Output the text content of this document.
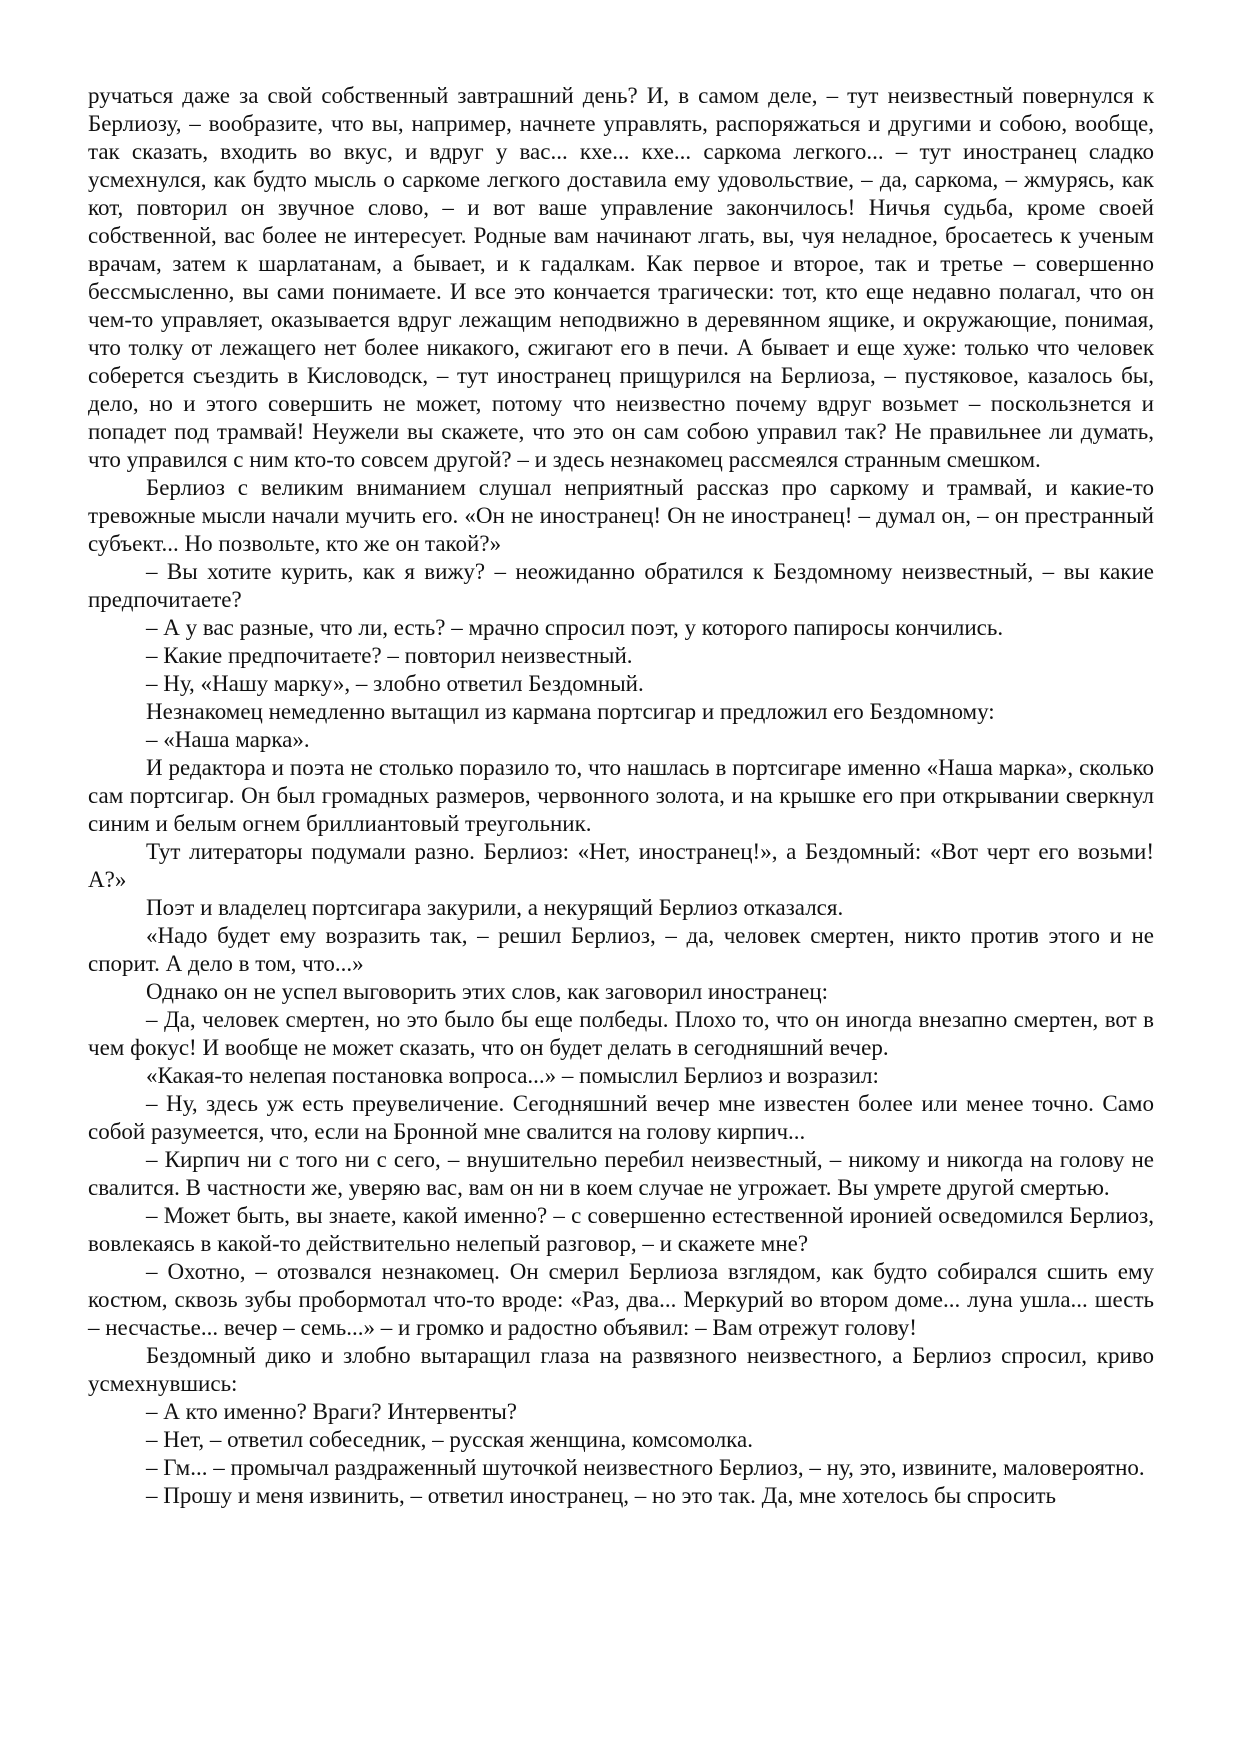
ручаться даже за свой собственный завтрашний день? И, в самом деле, – тут неизвестный повернулся к Берлиозу, – вообразите, что вы, например, начнете управлять, распоряжаться и другими и собою, вообще, так сказать, входить во вкус, и вдруг у вас... кхе... кхе... саркома легкого... – тут иностранец сладко усмехнулся, как будто мысль о саркоме легкого доставила ему удовольствие, – да, саркома, – жмурясь, как кот, повторил он звучное слово, – и вот ваше управление закончилось! Ничья судьба, кроме своей собственной, вас более не интересует. Родные вам начинают лгать, вы, чуя неладное, бросаетесь к ученым врачам, затем к шарлатанам, а бывает, и к гадалкам. Как первое и второе, так и третье – совершенно бессмысленно, вы сами понимаете. И все это кончается трагически: тот, кто еще недавно полагал, что он чем-то управляет, оказывается вдруг лежащим неподвижно в деревянном ящике, и окружающие, понимая, что толку от лежащего нет более никакого, сжигают его в печи. А бывает и еще хуже: только что человек соберется съездить в Кисловодск, – тут иностранец прищурился на Берлиоза, – пустяковое, казалось бы, дело, но и этого совершить не может, потому что неизвестно почему вдруг возьмет – поскользнется и попадет под трамвай! Неужели вы скажете, что это он сам собою управил так? Не правильнее ли думать, что управился с ним кто-то совсем другой? – и здесь незнакомец рассмеялся странным смешком.

Берлиоз с великим вниманием слушал неприятный рассказ про саркому и трамвай, и какие-то тревожные мысли начали мучить его. «Он не иностранец! Он не иностранец! – думал он, – он престранный субъект... Но позвольте, кто же он такой?»

– Вы хотите курить, как я вижу? – неожиданно обратился к Бездомному неизвестный, – вы какие предпочитаете?

– А у вас разные, что ли, есть? – мрачно спросил поэт, у которого папиросы кончились.

– Какие предпочитаете? – повторил неизвестный.

– Ну, «Нашу марку», – злобно ответил Бездомный.

Незнакомец немедленно вытащил из кармана портсигар и предложил его Бездомному:

– «Наша марка».

И редактора и поэта не столько поразило то, что нашлась в портсигаре именно «Наша марка», сколько сам портсигар. Он был громадных размеров, червонного золота, и на крышке его при открывании сверкнул синим и белым огнем бриллиантовый треугольник.

Тут литераторы подумали разно. Берлиоз: «Нет, иностранец!», а Бездомный: «Вот черт его возьми! А?»

Поэт и владелец портсигара закурили, а некурящий Берлиоз отказался.

«Надо будет ему возразить так, – решил Берлиоз, – да, человек смертен, никто против этого и не спорит. А дело в том, что...»

Однако он не успел выговорить этих слов, как заговорил иностранец:

– Да, человек смертен, но это было бы еще полбеды. Плохо то, что он иногда внезапно смертен, вот в чем фокус! И вообще не может сказать, что он будет делать в сегодняшний вечер.

«Какая-то нелепая постановка вопроса...» – помыслил Берлиоз и возразил:

– Ну, здесь уж есть преувеличение. Сегодняшний вечер мне известен более или менее точно. Само собой разумеется, что, если на Бронной мне свалится на голову кирпич...

– Кирпич ни с того ни с сего, – внушительно перебил неизвестный, – никому и никогда на голову не свалится. В частности же, уверяю вас, вам он ни в коем случае не угрожает. Вы умрете другой смертью.

– Может быть, вы знаете, какой именно? – с совершенно естественной иронией осведомился Берлиоз, вовлекаясь в какой-то действительно нелепый разговор, – и скажете мне?

– Охотно, – отозвался незнакомец. Он смерил Берлиоза взглядом, как будто собирался сшить ему костюм, сквозь зубы пробормотал что-то вроде: «Раз, два... Меркурий во втором доме... луна ушла... шесть – несчастье... вечер – семь...» – и громко и радостно объявил: – Вам отрежут голову!

Бездомный дико и злобно вытаращил глаза на развязного неизвестного, а Берлиоз спросил, криво усмехнувшись:

– А кто именно? Враги? Интервенты?

– Нет, – ответил собеседник, – русская женщина, комсомолка.

– Гм... – промычал раздраженный шуточкой неизвестного Берлиоз, – ну, это, извините, маловероятно.

– Прошу и меня извинить, – ответил иностранец, – но это так. Да, мне хотелось бы спросить
